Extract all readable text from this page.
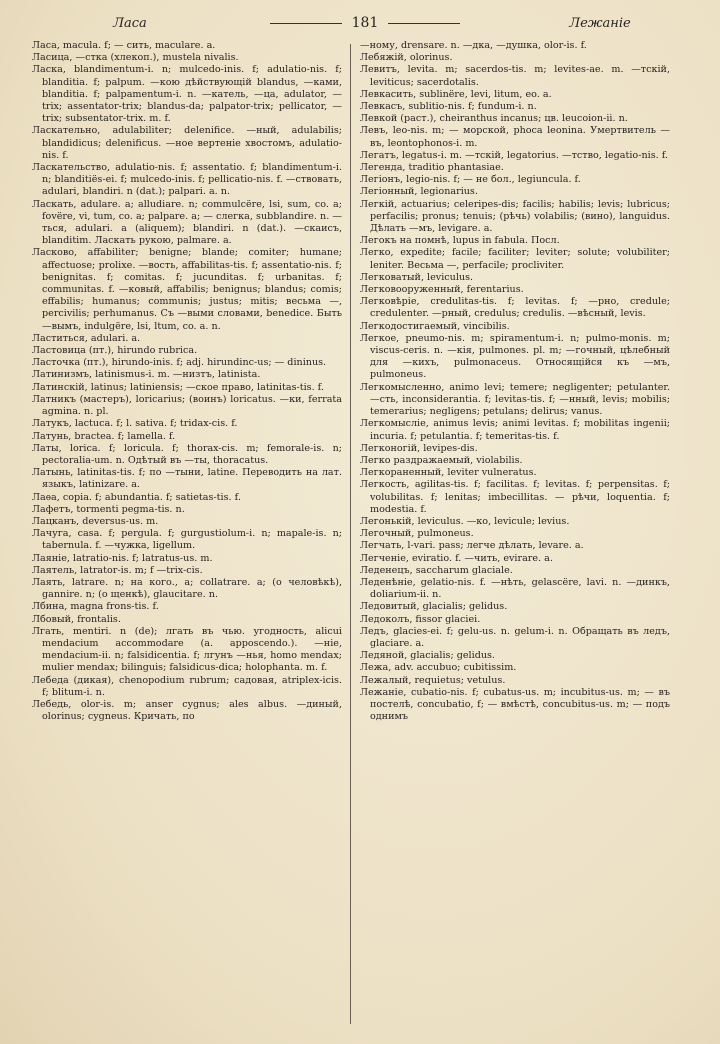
Ласа	181	Лежаніе

Ласа, macula. f; — сить, maculare. a.

Ласица, —стка (хлекоп.), mustela nivalis.

Ласка, blandimentum-i. n; mulcedo-inis. f; adulatio-nis. f; blanditia. f; palpum. —кою дѣйствующій blandus, —ками, blanditia. f; palpamentum-i. n. —катель, —ца, adulator, —trix; assentator-trix; blandus-da; palpator-trix; pellicator, —trix; subsentator-trix. m. f.

Ласкательно, adulabiliter; delenifice. —ный, adulabilis; blandidicus; delenificus. —ное вертеніе хвостомъ, adulatio-nis. f.

Ласкательство, adulatio-nis. f; assentatio. f; blandimentum-i. n; blanditiës-ei. f; mulcedo-inis. f; pellicatio-nis. f. —ствовать, adulari, blandiri. n (dat.); palpari. a. n.

Ласкать, adulare. a; alludiare. n; commulcëre, lsi, sum, co. a; fovëre, vi, tum, co. a; palpare. a; — слегка, subblandire. n. —ться, adulari. a (aliquem); blandiri. n (dat.). —скаисъ, blanditim. Ласкать рукою, palmare. a.

Ласково, affabiliter; benigne; blande; comiter; humane; affectuose; prolixe. —вость, affabilitas-tis. f; assentatio-nis. f; benignitas. f; comitas. f; jucunditas. f; urbanitas. f; communitas. f. —ковый, affabilis; benignus; blandus; comis; effabilis; humanus; communis; justus; mitis; весьма —, percivilis; perhumanus. Съ —выми словами, benedice. Быть —вымъ, indulgëre, lsi, ltum, co. a. n.

Ластиться, adulari. a.

Ластовица (пт.), hirundo rubrica.

Ласточка (пт.), hirundo-inis. f; adj. hirundinc-us; — dininus.

Латинизмъ, latinismus-i. m. —низтъ, latinista.

Латинскій, latinus; latiniensis; —ское право, latinitas-tis. f.

Латникъ (мастеръ), loricarius; (воинъ) loricatus. —ки, ferrata agmina. n. pl.

Латукъ, lactuca. f; l. sativa. f; tridax-cis. f.

Латунь, bractea. f; lamella. f.

Латы, lorica. f; loricula. f; thorax-cis. m; femorale-is. n; pectoralia-um. n. Одѣтый въ —ты, thoracatus.

Латынь, latinitas-tis. f; по —тыни, latine. Переводить на лат. языкъ, latinizare. a.

Лаѳа, copia. f; abundantia. f; satietas-tis. f.

Лафетъ, tormenti pegma-tis. n.

Лацканъ, deversus-us. m.

Лачуга, casa. f; pergula. f; gurgustiolum-i. n; mapale-is. n; tabernula. f. —чужка, ligellum.

Лаяніе, latratio-nis. f; latratus-us. m.

Лаятель, latrator-is. m; f —trix-cis.

Лаять, latrare. n; на кого., a; collatrare. a; (о человѣкѣ), gannire. n; (о щенкѣ), glaucitare. n.

Лбина, magna frons-tis. f.

Лбовый, frontalis.

Лгать, mentiri. n (de); лгать въ чью. угодность, alicui mendacium accommodare (a. apposcendo.). —ніе, mendacium-ii. n; falsidicentia. f; лгунъ —нья, homo mendax; mulier mendax; bilinguis; falsidicus-dica; holophanta. m. f.

Лебеда (дикая), chenopodium rubrum; садовая, atriplex-icis. f; blitum-i. n.

Лебедь, olor-is. m; anser cygnus; ales albus. —диный, olorinus; cygneus. Кричать, по

—ному, drensare. n. —дка, —душка, olor-is. f.

Лебяжій, olorinus.

Левитъ, levita. m; sacerdos-tis. m; levites-ae. m. —тскій, leviticus; sacerdotalis.

Левкасить, sublinëre, levi, litum, eo. a.

Левкасъ, sublitio-nis. f; fundum-i. n.

Левкой (раст.), cheiranthus incanus; цв. leucoion-ii. n.

Левъ, leo-nis. m; — морской, phoca leonina. Умертвитель —въ, leontophonos-i. m.

Легатъ, legatus-i. m. —тскій, legatorius. —тство, legatio-nis. f.

Легенда, traditio phantasiae.

Легіонъ, legio-nis. f; — не бол., legiuncula. f.

Легіонный, legionarius.

Легкій, actuarius; celeripes-dis; facilis; habilis; levis; lubricus; perfacilis; pronus; tenuis; (рѣчь) volabilis; (вино), languidus. Дѣлать —мъ, levigare. a.

Легокъ на помнѣ, lupus in fabula. Посл.

Легко, expedite; facile; faciliter; leviter; solute; volubiliter; leniter. Весьма —, perfacile; procliviter.

Легковатый, leviculus.

Легковооруженный, ferentarius.

Легковѣріе, credulitas-tis. f; levitas. f; —рно, credule; credulenter. —рный, credulus; credulis. —вѣсный, levis.

Легкодостигаемый, vincibilis.

Легкое, pneumo-nis. m; spiramentum-i. n; pulmo-monis. m; viscus-ceris. n. —кія, pulmones. pl. m; —гочный, цѣлебный для —кихъ, pulmonaceus. Относящійся къ —мъ, pulmoneus.

Легкомысленно, animo levi; temere; negligenter; petulanter. —сть, inconsiderantia. f; levitas-tis. f; —нный, levis; mobilis; temerarius; negligens; petulans; delirus; vanus.

Легкомысліе, animus levis; animi levitas. f; mobilitas ingenii; incuria. f; petulantia. f; temeritas-tis. f.

Легконогій, levipes-dis.

Легко раздражаемый, violabilis.

Легкораненный, leviter vulneratus.

Легкость, agilitas-tis. f; facilitas. f; levitas. f; perpensitas. f; volubilitas. f; lenitas; imbecillitas. — рѣчи, loquentia. f; modestia. f.

Легонькій, leviculus. —ко, levicule; levius.

Легочный, pulmoneus.

Легчать, l-vari. pass; легче дѣлать, levare. a.

Легченіе, eviratio. f. —чить, evirare. a.

Леденецъ, saccharum glaciale.

Леденѣніе, gelatio-nis. f. —нѣть, gelascëre, lavi. n. —динкъ, doliarium-ii. n.

Ледовитый, glacialis; gelidus.

Ледоколъ, fissor glaciei.

Ледъ, glacies-ei. f; gelu-us. n. gelum-i. n. Обращать въ ледъ, glaciare. a.

Ледяной, glacialis; gelidus.

Лежа, adv. accubuo; cubitissim.

Лежалый, requietus; vetulus.

Лежаніе, cubatio-nis. f; cubatus-us. m; incubitus-us. m; — въ постелѣ, concubatio, f; — вмѣстѣ, concubitus-us. m; — подъ однимъ
